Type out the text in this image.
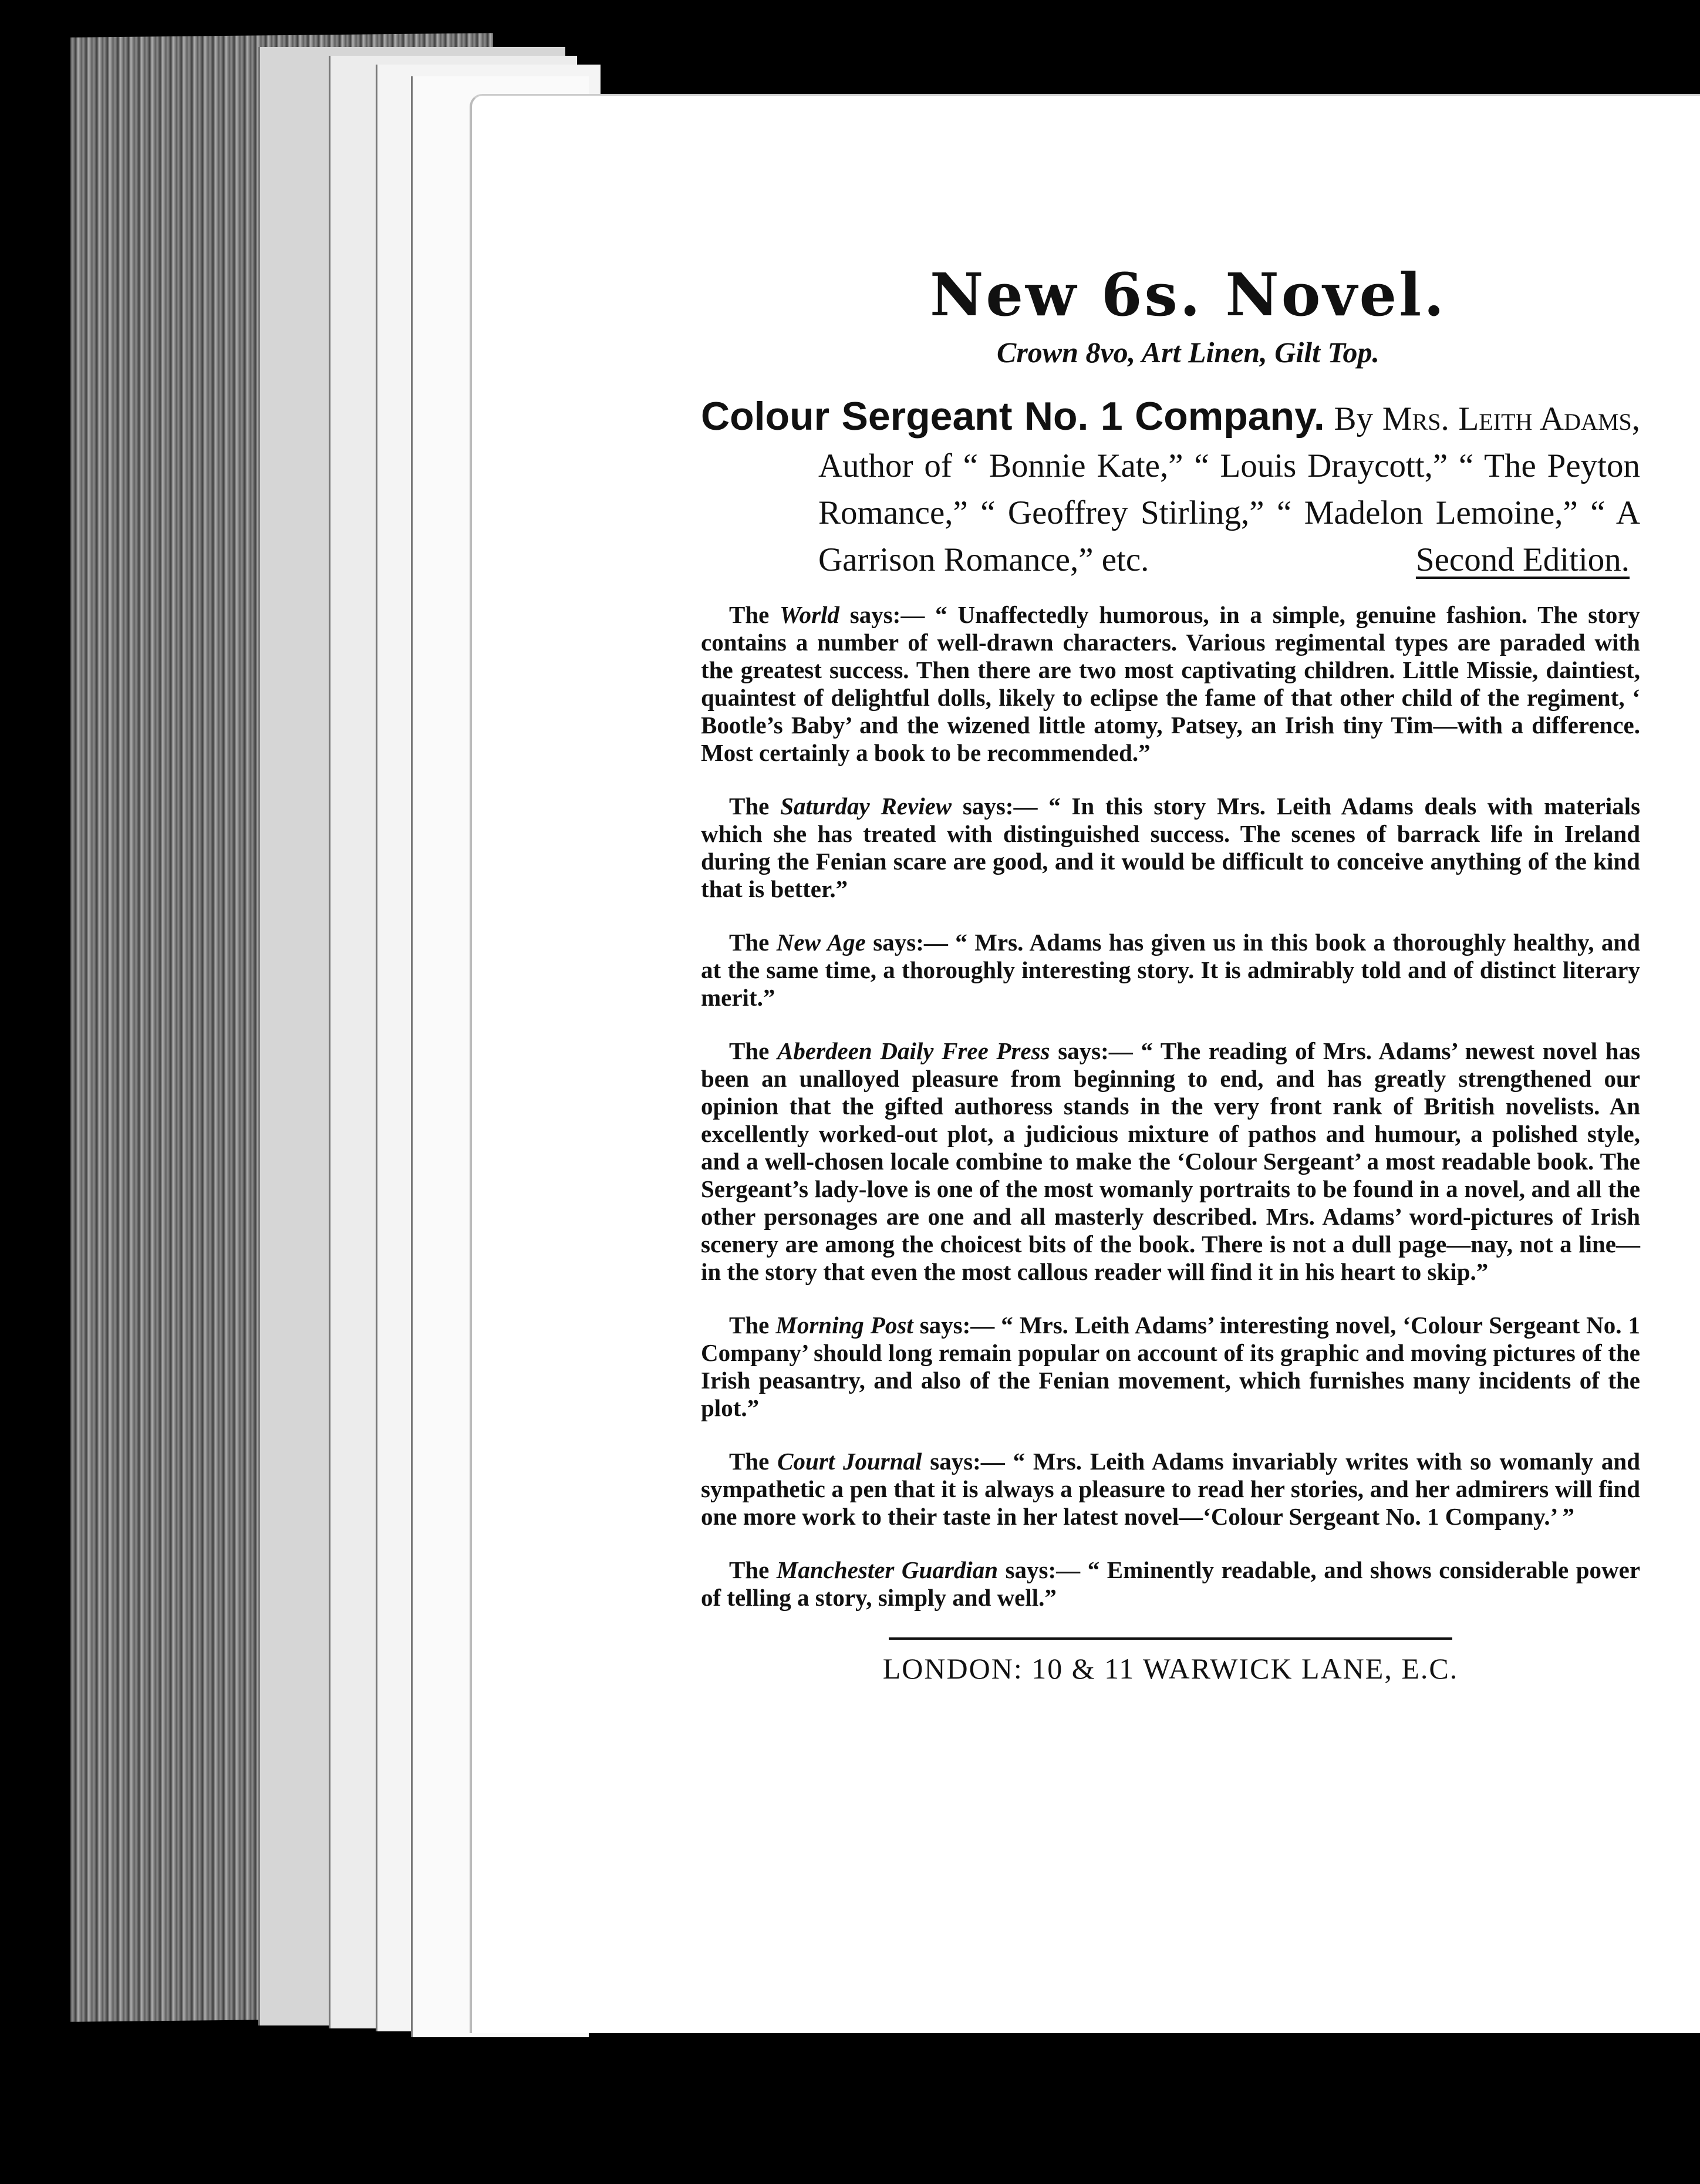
New 6s. Novel.

Crown 8vo, Art Linen, Gilt Top.

Colour Sergeant No. 1 Company. By Mrs. Leith Adams, Author of “ Bonnie Kate,” “ Louis Draycott,” “ The Peyton Romance,” “ Geoffrey Stirling,” “ Madelon Lemoine,” “ A Garrison Romance,” etc.	Second Edition.

The World says:— “ Unaffectedly humorous, in a simple, genuine fashion. The story contains a number of well-drawn characters. Various regimental types are paraded with the greatest success. Then there are two most captivating children. Little Missie, daintiest, quaintest of delightful dolls, likely to eclipse the fame of that other child of the regiment, ‘ Bootle’s Baby’ and the wizened little atomy, Patsey, an Irish tiny Tim—with a difference. Most certainly a book to be recommended.”

The Saturday Review says:— “ In this story Mrs. Leith Adams deals with materials which she has treated with distinguished success. The scenes of barrack life in Ireland during the Fenian scare are good, and it would be difficult to conceive anything of the kind that is better.”

The New Age says:— “ Mrs. Adams has given us in this book a thoroughly healthy, and at the same time, a thoroughly interesting story. It is admirably told and of distinct literary merit.”

The Aberdeen Daily Free Press says:— “ The reading of Mrs. Adams’ newest novel has been an unalloyed pleasure from beginning to end, and has greatly strengthened our opinion that the gifted authoress stands in the very front rank of British novelists. An excellently worked-out plot, a judicious mixture of pathos and humour, a polished style, and a well-chosen locale combine to make the ‘Colour Sergeant’ a most readable book. The Sergeant’s lady-love is one of the most womanly portraits to be found in a novel, and all the other personages are one and all masterly described. Mrs. Adams’ word-pictures of Irish scenery are among the choicest bits of the book. There is not a dull page—nay, not a line—in the story that even the most callous reader will find it in his heart to skip.”

The Morning Post says:— “ Mrs. Leith Adams’ interesting novel, ‘Colour Sergeant No. 1 Company’ should long remain popular on account of its graphic and moving pictures of the Irish peasantry, and also of the Fenian movement, which furnishes many incidents of the plot.”

The Court Journal says:— “ Mrs. Leith Adams invariably writes with so womanly and sympathetic a pen that it is always a pleasure to read her stories, and her admirers will find one more work to their taste in her latest novel—‘Colour Sergeant No. 1 Company.’ ”

The Manchester Guardian says:— “ Eminently readable, and shows considerable power of telling a story, simply and well.”

LONDON: 10 & 11 WARWICK LANE, E.C.
